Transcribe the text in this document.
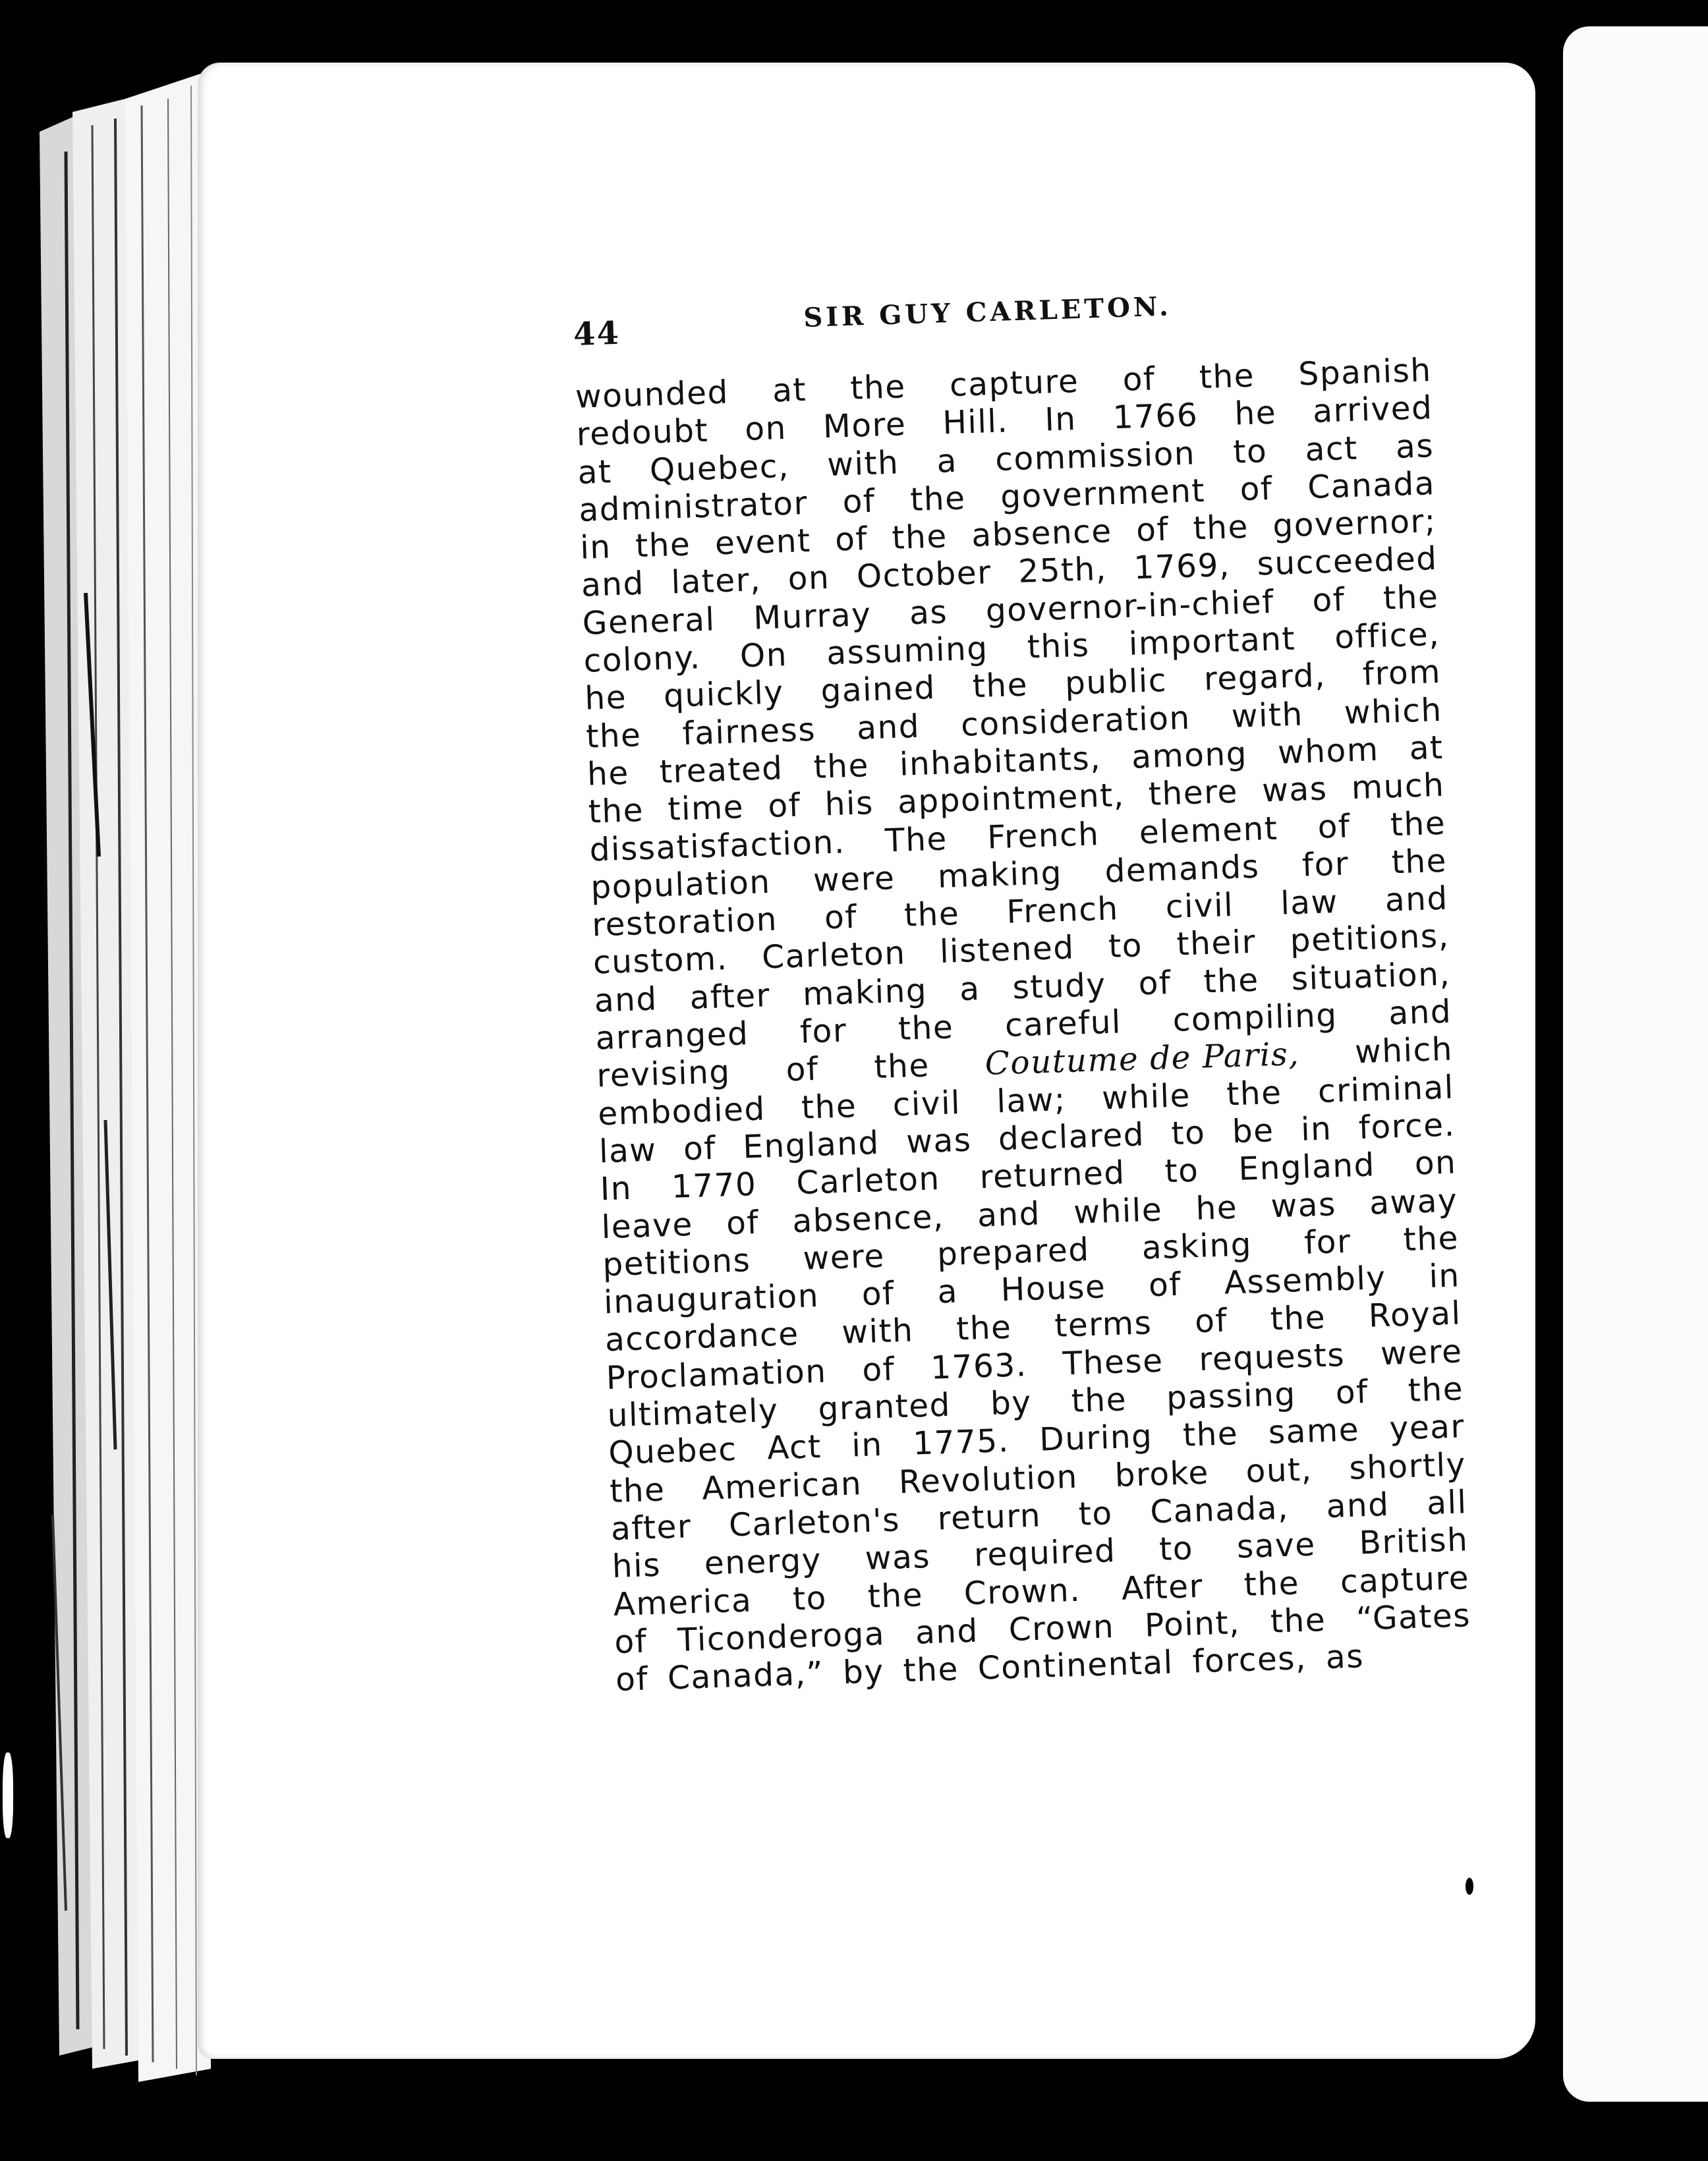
44
SIR GUY CARLETON.
wounded at the capture of the Spanish
redoubt on More Hill. In 1766 he arrived
at Quebec, with a commission to act as
administrator of the government of Canada
in the event of the absence of the governor;
and later, on October 25th, 1769, succeeded
General Murray as governor-in-chief of the
colony. On assuming this important office,
he quickly gained the public regard, from
the fairness and consideration with which
he treated the inhabitants, among whom at
the time of his appointment, there was much
dissatisfaction. The French element of the
population were making demands for the
restoration of the French civil law and
custom. Carleton listened to their petitions,
and after making a study of the situation,
arranged for the careful compiling and
revising of the Coutume de Paris, which
embodied the civil law; while the criminal
law of England was declared to be in force.
In 1770 Carleton returned to England on
leave of absence, and while he was away
petitions were prepared asking for the
inauguration of a House of Assembly in
accordance with the terms of the Royal
Proclamation of 1763. These requests were
ultimately granted by the passing of the
Quebec Act in 1775. During the same year
the American Revolution broke out, shortly
after Carleton's return to Canada, and all
his energy was required to save British
America to the Crown. After the capture
of Ticonderoga and Crown Point, the “Gates
of Canada,” by the Continental forces, as
